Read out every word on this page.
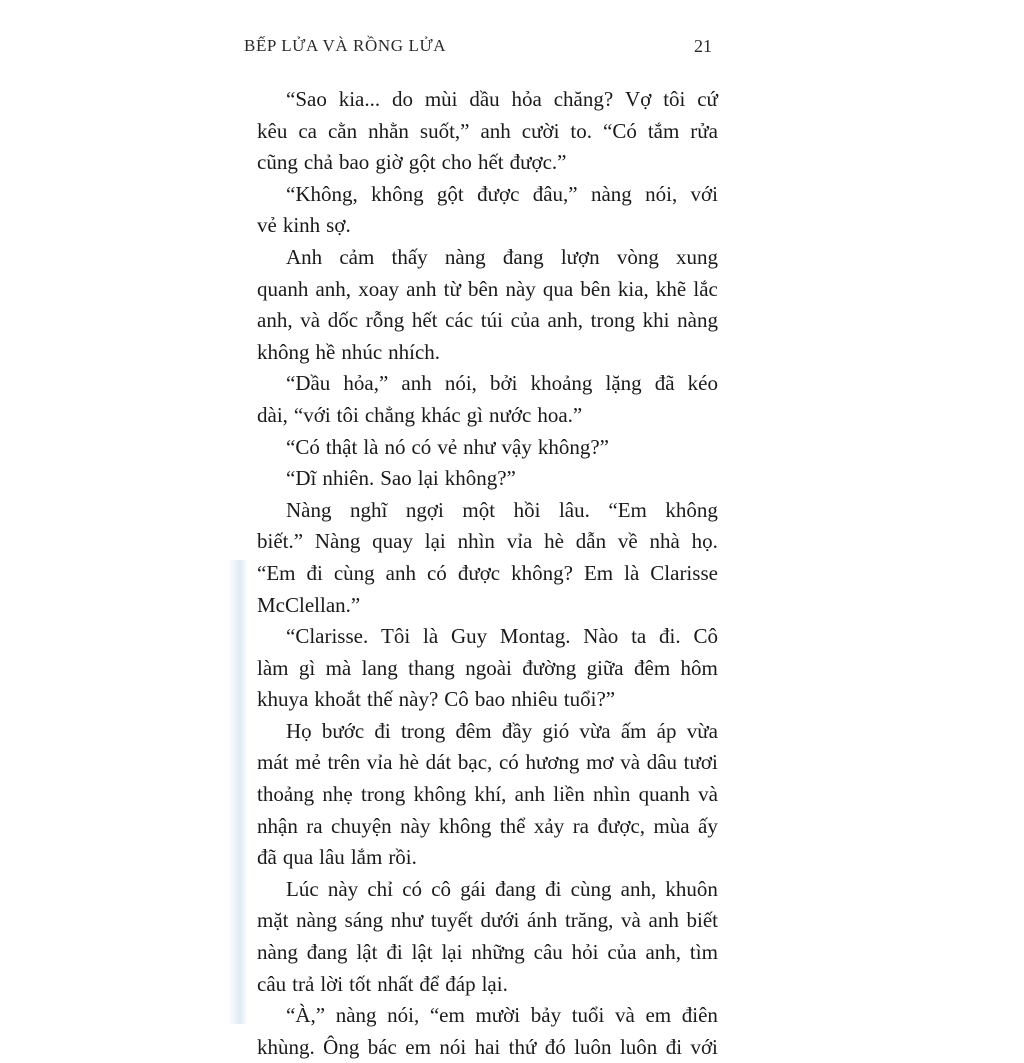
BẾP LỬA VÀ RỒNG LỬA	21
“Sao kia... do mùi dầu hỏa chăng? Vợ tôi cứ
kêu ca cằn nhằn suốt,” anh cười to. “Có tắm rửa
cũng chả bao giờ gột cho hết được.”
“Không, không gột được đâu,” nàng nói, với
vẻ kinh sợ.
Anh cảm thấy nàng đang lượn vòng xung
quanh anh, xoay anh từ bên này qua bên kia, khẽ lắc
anh, và dốc rỗng hết các túi của anh, trong khi nàng
không hề nhúc nhích.
“Dầu hỏa,” anh nói, bởi khoảng lặng đã kéo
dài, “với tôi chẳng khác gì nước hoa.”
“Có thật là nó có vẻ như vậy không?”
“Dĩ nhiên. Sao lại không?”
Nàng nghĩ ngợi một hồi lâu. “Em không
biết.” Nàng quay lại nhìn vỉa hè dẫn về nhà họ.
“Em đi cùng anh có được không? Em là Clarisse
McClellan.”
“Clarisse. Tôi là Guy Montag. Nào ta đi. Cô
làm gì mà lang thang ngoài đường giữa đêm hôm
khuya khoắt thế này? Cô bao nhiêu tuổi?”
Họ bước đi trong đêm đầy gió vừa ấm áp vừa
mát mẻ trên vỉa hè dát bạc, có hương mơ và dâu tươi
thoảng nhẹ trong không khí, anh liền nhìn quanh và
nhận ra chuyện này không thể xảy ra được, mùa ấy
đã qua lâu lắm rồi.
Lúc này chỉ có cô gái đang đi cùng anh, khuôn
mặt nàng sáng như tuyết dưới ánh trăng, và anh biết
nàng đang lật đi lật lại những câu hỏi của anh, tìm
câu trả lời tốt nhất để đáp lại.
“À,” nàng nói, “em mười bảy tuổi và em điên
khùng. Ông bác em nói hai thứ đó luôn luôn đi với
